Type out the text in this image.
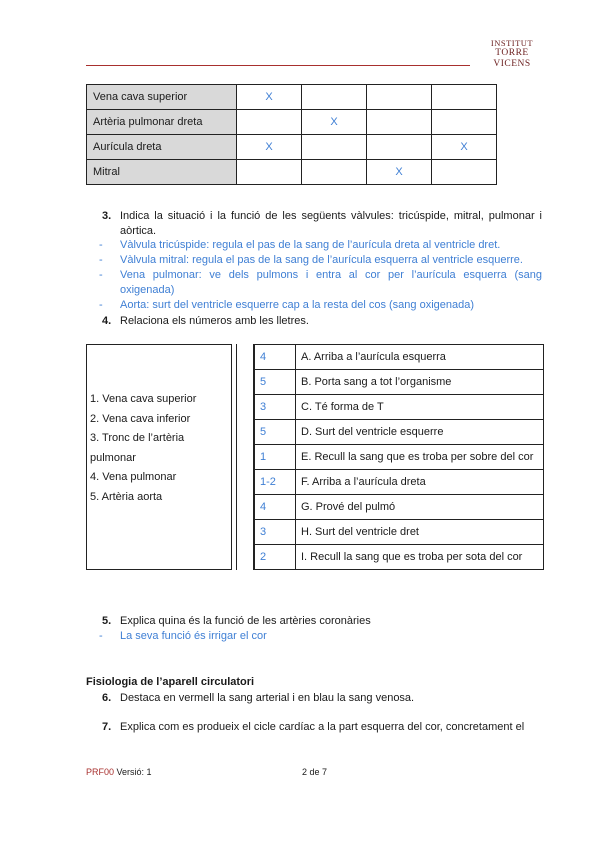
INSTITUT
TORRE VICENS
Vena cava superior	X			
Artèria pulmonar dreta		X		
Aurícula dreta	X			X
Mitral			X	
3. Indica la situació i la funció de les següents vàlvules: tricúspide, mitral, pulmonar i aòrtica.
- Vàlvula tricúspide: regula el pas de la sang de l’aurícula dreta al ventricle dret.
- Vàlvula mitral: regula el pas de la sang de l’aurícula esquerra al ventricle esquerre.
- Vena pulmonar: ve dels pulmons i entra al cor per l’aurícula esquerra (sang oxigenada)
- Aorta: surt del ventricle esquerre cap a la resta del cos (sang oxigenada)
4. Relaciona els números amb les lletres.
1. Vena cava superior
2. Vena cava inferior
3. Tronc de l’artèria pulmonar
4. Vena pulmonar
5. Artèria aorta
4	A. Arriba a l’aurícula esquerra
5	B. Porta sang a tot l’organisme
3	C. Té forma de T
5	D. Surt del ventricle esquerre
1	E. Recull la sang que es troba per sobre del cor
1-2	F. Arriba a l’aurícula dreta
4	G. Prové del pulmó
3	H. Surt del ventricle dret
2	I. Recull la sang que es troba per sota del cor
5. Explica quina és la funció de les artèries coronàries
- La seva funció és irrigar el cor
Fisiologia de l’aparell circulatori
6. Destaca en vermell la sang arterial i en blau la sang venosa.
7. Explica com es produeix el cicle cardíac a la part esquerra del cor, concretament el
PRF00 Versió: 1	2 de 7
